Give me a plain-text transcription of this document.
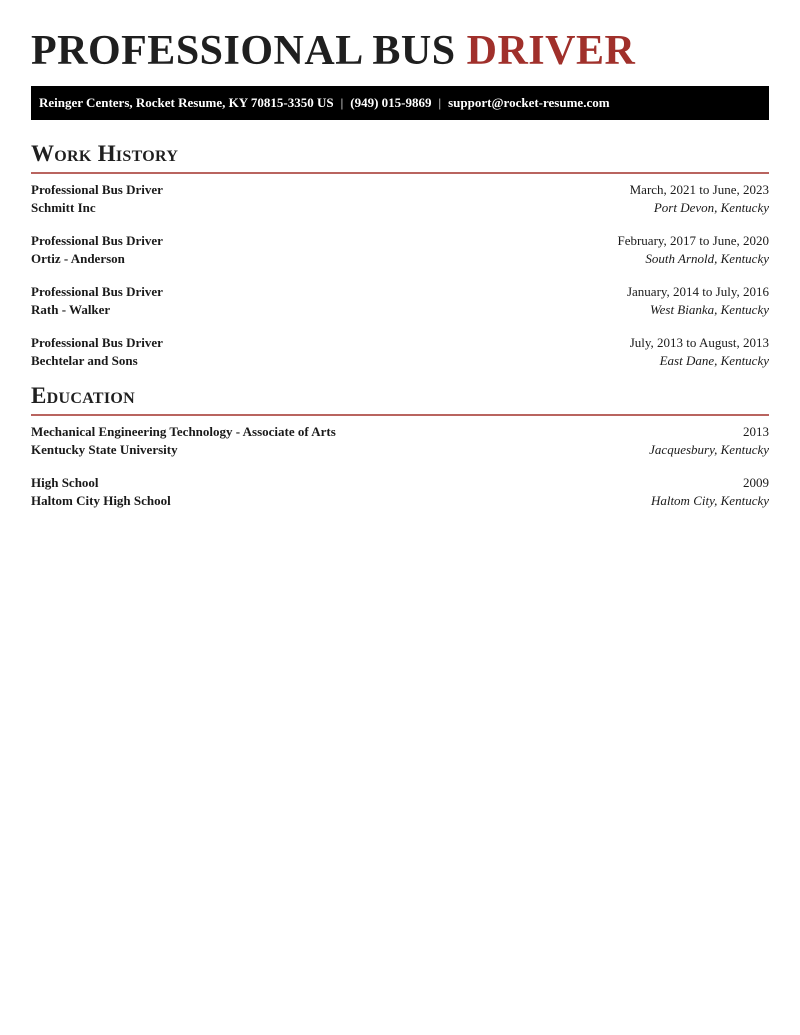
PROFESSIONAL BUS DRIVER
Reinger Centers, Rocket Resume, KY 70815-3350 US | (949) 015-9869 | support@rocket-resume.com
Work History
Professional Bus Driver	March, 2021 to June, 2023
Schmitt Inc	Port Devon, Kentucky
Professional Bus Driver	February, 2017 to June, 2020
Ortiz - Anderson	South Arnold, Kentucky
Professional Bus Driver	January, 2014 to July, 2016
Rath - Walker	West Bianka, Kentucky
Professional Bus Driver	July, 2013 to August, 2013
Bechtelar and Sons	East Dane, Kentucky
Education
Mechanical Engineering Technology - Associate of Arts	2013
Kentucky State University	Jacquesbury, Kentucky
High School	2009
Haltom City High School	Haltom City, Kentucky
